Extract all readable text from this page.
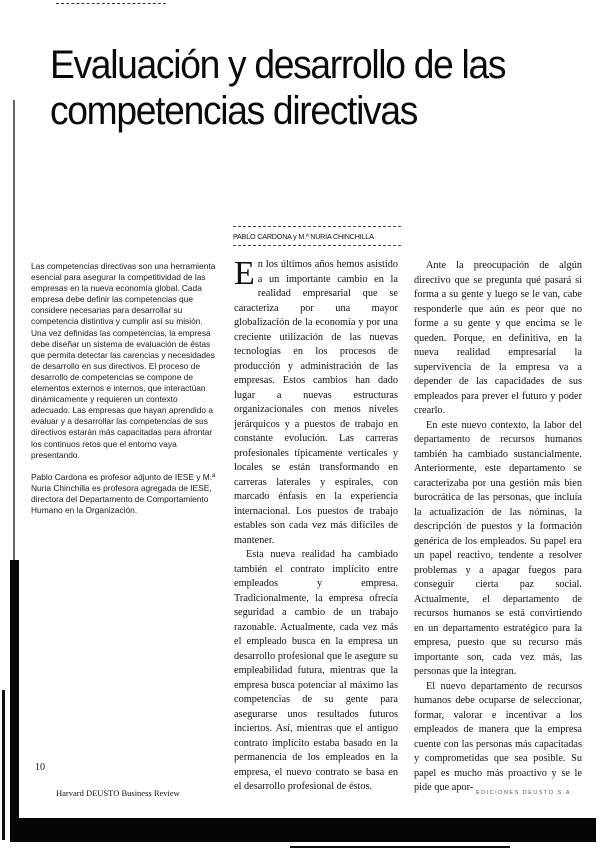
Evaluación y desarrollo de las competencias directivas

Las competencias directivas son una herramienta esencial para asegurar la competitividad de las empresas en la nueva economía global. Cada empresa debe definir las competencias que considere necesarias para desarrollar su competencia distintiva y cumplir así su misión. Una vez definidas las competencias, la empresa debe diseñar un sistema de evaluación de éstas que permita detectar las carencias y necesidades de desarrollo en sus directivos. El proceso de desarrollo de competencias se compone de elementos externos e internos, que interactúan dinámicamente y requieren un contexto adecuado. Las empresas que hayan aprendido a evaluar y a desarrollar las competencias de sus directivos estarán más capacitadas para afrontar los continuos retos que el entorno vaya presentando.

Pablo Cardona es profesor adjunto de IESE y M.ª Nuria Chinchilla es profesora agregada de IESE, directora del Departamento de Comportamiento Humano en la Organización.

PABLO CARDONA y M.ª NURIA CHINCHILLA

En los últimos años hemos asistido a un importante cambio en la realidad empresarial que se caracteriza por una mayor globalización de la economía y por una creciente utilización de las nuevas tecnologías en los procesos de producción y administración de las empresas. Estos cambios han dado lugar a nuevas estructuras organizacionales con menos niveles jerárquicos y a puestos de trabajo en constante evolución. Las carreras profesionales típicamente verticales y locales se están transformando en carreras laterales y espirales, con marcado énfasis en la experiencia internacional. Los puestos de trabajo estables son cada vez más difíciles de mantener.

Esta nueva realidad ha cambiado también el contrato implícito entre empleados y empresa. Tradicionalmente, la empresa ofrecía seguridad a cambio de un trabajo razonable. Actualmente, cada vez más el empleado busca en la empresa un desarrollo profesional que le asegure su empleabilidad futura, mientras que la empresa busca potenciar al máximo las competencias de su gente para asegurarse unos resultados futuros inciertos. Así, mientras que el antiguo contrato implícito estaba basado en la permanencia de los empleados en la empresa, el nuevo contrato se basa en el desarrollo profesional de éstos.

Ante la preocupación de algún directivo que se pregunta qué pasará si forma a su gente y luego se le van, cabe responderle que aún es peor que no forme a su gente y que encima se le queden. Porque, en definitiva, en la nueva realidad empresarial la supervivencia de la empresa va a depender de las capacidades de sus empleados para prever el futuro y poder crearlo.

En este nuevo contexto, la labor del departamento de recursos humanos también ha cambiado sustancialmente. Anteriormente, este departamento se caracterizaba por una gestión más bien burocrática de las personas, que incluía la actualización de las nóminas, la descripción de puestos y la formación genérica de los empleados. Su papel era un papel reactivo, tendente a resolver problemas y a apagar fuegos para conseguir cierta paz social. Actualmente, el departamento de recursos humanos se está convirtiendo en un departamento estratégico para la empresa, puesto que su recurso más importante son, cada vez más, las personas que la integran.

El nuevo departamento de recursos humanos debe ocuparse de seleccionar, formar, valorar e incentivar a los empleados de manera que la empresa cuente con las personas más capacitadas y comprometidas que sea posible. Su papel es mucho más proactivo y se le pide que apor-

10
Harvard DEUSTO Business Review	EDICIONES DEUSTO S.A.
